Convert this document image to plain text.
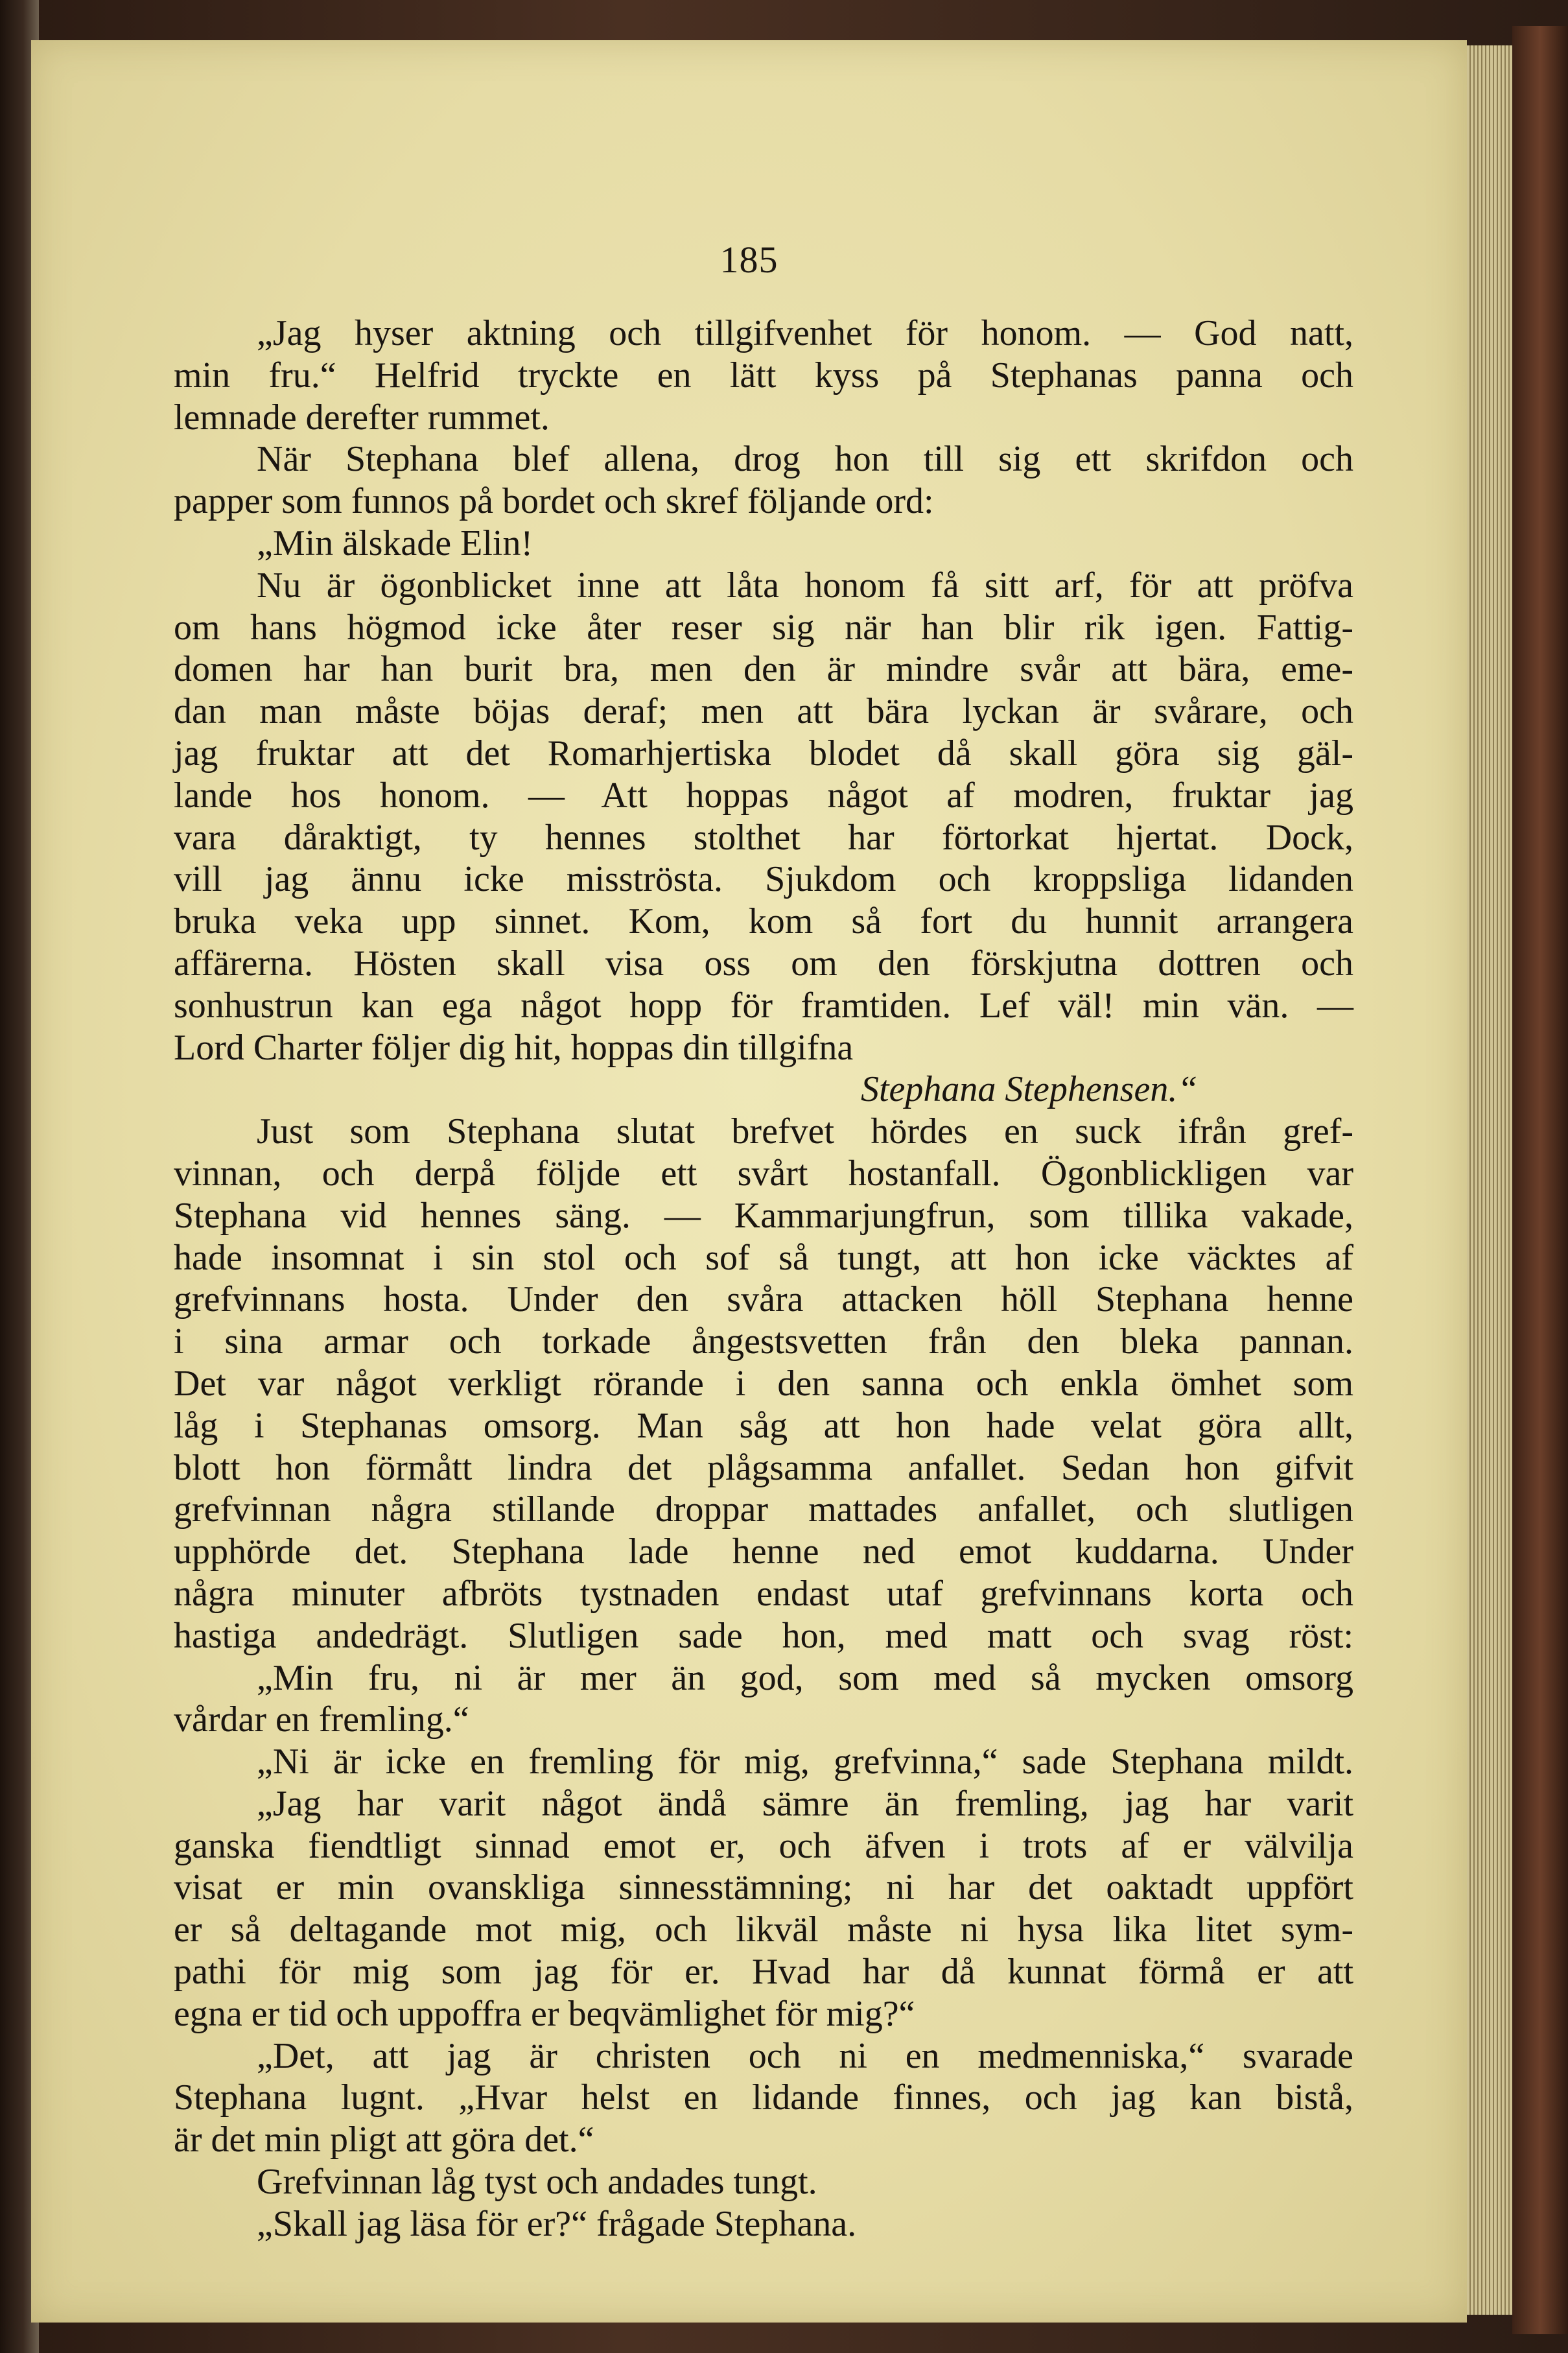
185
„Jag hyser aktning och tillgifvenhet för honom. — God natt,
min fru.“ Helfrid tryckte en lätt kyss på Stephanas panna och
lemnade derefter rummet.
När Stephana blef allena, drog hon till sig ett skrifdon och
papper som funnos på bordet och skref följande ord:
„Min älskade Elin!
Nu är ögonblicket inne att låta honom få sitt arf, för att pröfva
om hans högmod icke åter reser sig när han blir rik igen. Fattig-
domen har han burit bra, men den är mindre svår att bära, eme-
dan man måste böjas deraf; men att bära lyckan är svårare, och
jag fruktar att det Romarhjertiska blodet då skall göra sig gäl-
lande hos honom. — Att hoppas något af modren, fruktar jag
vara dåraktigt, ty hennes stolthet har förtorkat hjertat. Dock,
vill jag ännu icke misströsta. Sjukdom och kroppsliga lidanden
bruka veka upp sinnet. Kom, kom så fort du hunnit arrangera
affärerna. Hösten skall visa oss om den förskjutna dottren och
sonhustrun kan ega något hopp för framtiden. Lef väl! min vän. —
Lord Charter följer dig hit, hoppas din tillgifna
Stephana Stephensen.“
Just som Stephana slutat brefvet hördes en suck ifrån gref-
vinnan, och derpå följde ett svårt hostanfall. Ögonblickligen var
Stephana vid hennes säng. — Kammarjungfrun, som tillika vakade,
hade insomnat i sin stol och sof så tungt, att hon icke väcktes af
grefvinnans hosta. Under den svåra attacken höll Stephana henne
i sina armar och torkade ångestsvetten från den bleka pannan.
Det var något verkligt rörande i den sanna och enkla ömhet som
låg i Stephanas omsorg. Man såg att hon hade velat göra allt,
blott hon förmått lindra det plågsamma anfallet. Sedan hon gifvit
grefvinnan några stillande droppar mattades anfallet, och slutligen
upphörde det. Stephana lade henne ned emot kuddarna. Under
några minuter afbröts tystnaden endast utaf grefvinnans korta och
hastiga andedrägt. Slutligen sade hon, med matt och svag röst:
„Min fru, ni är mer än god, som med så mycken omsorg
vårdar en fremling.“
„Ni är icke en fremling för mig, grefvinna,“ sade Stephana mildt.
„Jag har varit något ändå sämre än fremling, jag har varit
ganska fiendtligt sinnad emot er, och äfven i trots af er välvilja
visat er min ovanskliga sinnesstämning; ni har det oaktadt uppfört
er så deltagande mot mig, och likväl måste ni hysa lika litet sym-
pathi för mig som jag för er. Hvad har då kunnat förmå er att
egna er tid och uppoffra er beqvämlighet för mig?“
„Det, att jag är christen och ni en medmenniska,“ svarade
Stephana lugnt. „Hvar helst en lidande finnes, och jag kan bistå,
är det min pligt att göra det.“
Grefvinnan låg tyst och andades tungt.
„Skall jag läsa för er?“ frågade Stephana.
